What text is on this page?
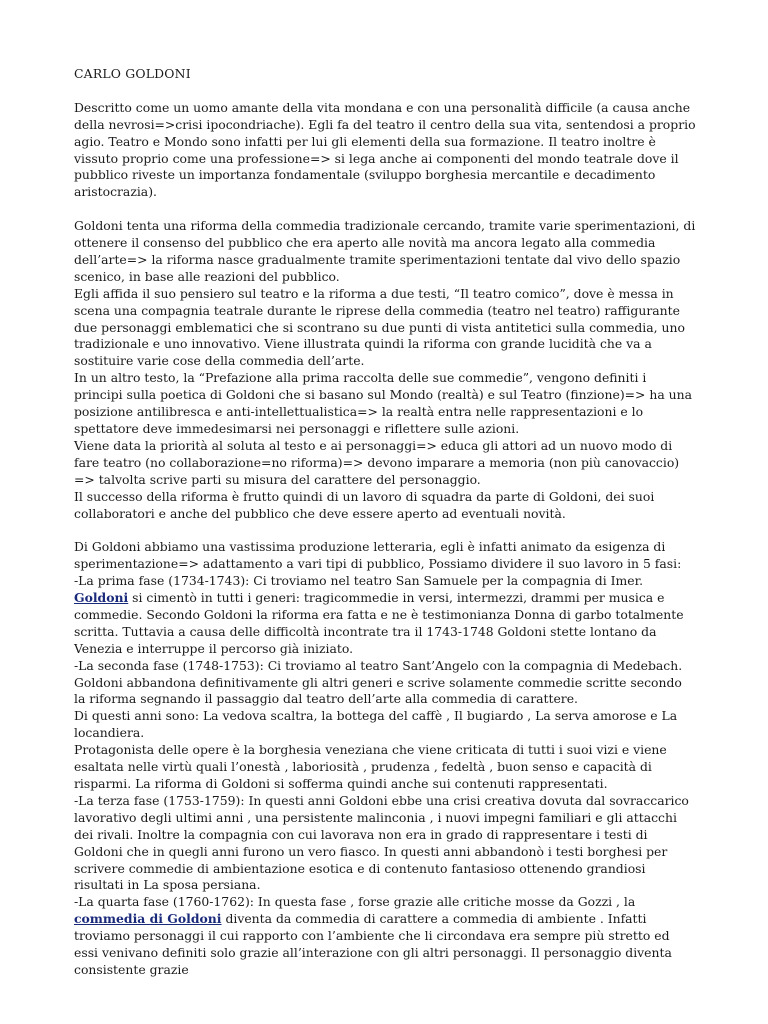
CARLO GOLDONI

Descritto come un uomo amante della vita mondana e con una personalità difficile (a causa anche della nevrosi=>crisi ipocondriache). Egli fa del teatro il centro della sua vita, sentendosi a proprio agio. Teatro e Mondo sono infatti per lui gli elementi della sua formazione. Il teatro inoltre è vissuto proprio come una professione=> si lega anche ai componenti del mondo teatrale dove il pubblico riveste un importanza fondamentale (sviluppo borghesia mercantile e decadimento aristocrazia).

Goldoni tenta una riforma della commedia tradizionale cercando, tramite varie sperimentazioni, di ottenere il consenso del pubblico che era aperto alle novità ma ancora legato alla commedia dell’arte=> la riforma nasce gradualmente tramite sperimentazioni tentate dal vivo dello spazio scenico, in base alle reazioni del pubblico.

Egli affida il suo pensiero sul teatro e la riforma a due testi, “Il teatro comico”, dove è messa in scena una compagnia teatrale durante le riprese della commedia (teatro nel teatro) raffigurante due personaggi emblematici che si scontrano su due punti di vista antitetici sulla commedia, uno tradizionale e uno innovativo. Viene illustrata quindi la riforma con grande lucidità che va a sostituire varie cose della commedia dell’arte.

In un altro testo, la “Prefazione alla prima raccolta delle sue commedie”, vengono definiti i principi sulla poetica di Goldoni che si basano sul Mondo (realtà) e sul Teatro (finzione)=> ha una posizione antilibresca e anti-intellettualistica=> la realtà entra nelle rappresentazioni e lo spettatore deve immedesimarsi nei personaggi e riflettere sulle azioni.

Viene data la priorità al soluta al testo e ai personaggi=> educa gli attori ad un nuovo modo di fare teatro (no collaborazione=no riforma)=> devono imparare a memoria (non più canovaccio) => talvolta scrive parti su misura del carattere del personaggio.

Il successo della riforma è frutto quindi di un lavoro di squadra da parte di Goldoni, dei suoi collaboratori e anche del pubblico che deve essere aperto ad eventuali novità.

Di Goldoni abbiamo una vastissima produzione letteraria, egli è infatti animato da esigenza di sperimentazione=> adattamento a vari tipi di pubblico, Possiamo dividere il suo lavoro in 5 fasi:

-La prima fase (1734-1743): Ci troviamo nel teatro San Samuele per la compagnia di Imer. Goldoni si cimentò in tutti i generi: tragicommedie in versi, intermezzi, drammi per musica e commedie. Secondo Goldoni la riforma era fatta e ne è testimonianza Donna di garbo totalmente scritta. Tuttavia a causa delle difficoltà incontrate tra il 1743-1748 Goldoni stette lontano da Venezia e interruppe il percorso già iniziato.

-La seconda fase (1748-1753): Ci troviamo al teatro Sant’Angelo con la compagnia di Medebach. Goldoni abbandona definitivamente gli altri generi e scrive solamente commedie scritte secondo la riforma segnando il passaggio dal teatro dell’arte alla commedia di carattere.

Di questi anni sono: La vedova scaltra, la bottega del caffè , Il bugiardo , La serva amorose e La locandiera.

Protagonista delle opere è la borghesia veneziana che viene criticata di tutti i suoi vizi e viene esaltata nelle virtù quali l’onestà , laboriosità , prudenza , fedeltà , buon senso e capacità di risparmi. La riforma di Goldoni si sofferma quindi anche sui contenuti rappresentati.

-La terza fase (1753-1759): In questi anni Goldoni ebbe una crisi creativa dovuta dal sovraccarico lavorativo degli ultimi anni , una persistente malinconia , i nuovi impegni familiari e gli attacchi dei rivali. Inoltre la compagnia con cui lavorava non era in grado di rappresentare i testi di Goldoni che in quegli anni furono un vero fiasco. In questi anni abbandonò i testi borghesi per scrivere commedie di ambientazione esotica e di contenuto fantasioso ottenendo grandiosi risultati in La sposa persiana.

-La quarta fase (1760-1762): In questa fase , forse grazie alle critiche mosse da Gozzi , la commedia di Goldoni diventa da commedia di carattere a commedia di ambiente . Infatti troviamo personaggi il cui rapporto con l’ambiente che li circondava era sempre più stretto ed essi venivano definiti solo grazie all’interazione con gli altri personaggi. Il personaggio diventa consistente grazie
